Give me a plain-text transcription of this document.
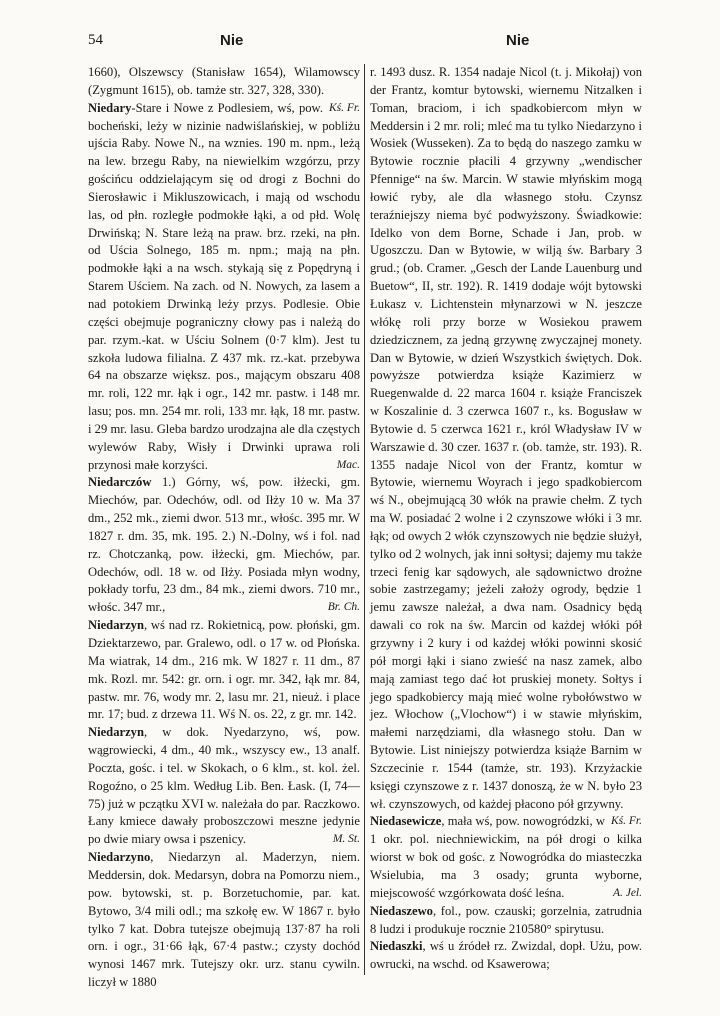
54	Nie	Nie

1660), Olszewscy (Stanisław 1654), Wilamowscy (Zygmunt 1615), ob. tamże str. 327, 328, 330).
Kś. Fr.

Niedary-Stare i Nowe z Podlesiem, wś, pow. bocheński, leży w nizinie nadwiślańskiej, w pobliżu ujścia Raby. Nowe N., na wznies. 190 m. npm., leżą na lew. brzegu Raby, na niewielkim wzgórzu, przy gościńcu oddzielającym się od drogi z Bochni do Sierosławic i Mikluszowicach, i mają od wschodu las, od płn. rozległe podmokłe łąki, a od płd. Wolę Drwińską; N. Stare leżą na praw. brz. rzeki, na płn. od Uścia Solnego, 185 m. npm.; mają na płn. podmokłe łąki a na wsch. stykają się z Popędryną i Starem Uściem. Na zach. od N. Nowych, za lasem a nad potokiem Drwinką leży przys. Podlesie. Obie części obejmuje pograniczny cłowy pas i należą do par. rzym.-kat. w Uściu Solnem (0·7 klm). Jest tu szkoła ludowa filialna. Z 437 mk. rz.-kat. przebywa 64 na obszarze większ. pos., mającym obszaru 408 mr. roli, 122 mr. łąk i ogr., 142 mr. pastw. i 148 mr. lasu; pos. mn. 254 mr. roli, 133 mr. łąk, 18 mr. pastw. i 29 mr. lasu. Gleba bardzo urodzajna ale dla częstych wylewów Raby, Wisły i Drwinki uprawa roli przynosi małe korzyści.	Mac.

Niedarczów 1.) Górny, wś, pow. iłżecki, gm. Miechów, par. Odechów, odl. od Iłży 10 w. Ma 37 dm., 252 mk., ziemi dwor. 513 mr., włośc. 395 mr. W 1827 r. dm. 35, mk. 195. 2.) N.-Dolny, wś i fol. nad rz. Chotczanką, pow. iłżecki, gm. Miechów, par. Odechów, odl. 18 w. od Iłży. Posiada młyn wodny, pokłady torfu, 23 dm., 84 mk., ziemi dwors. 710 mr., włośc. 347 mr.,	Br. Ch.

Niedarzyn, wś nad rz. Rokietnicą, pow. płoński, gm. Dziektarzewo, par. Gralewo, odl. o 17 w. od Płońska. Ma wiatrak, 14 dm., 216 mk. W 1827 r. 11 dm., 87 mk. Rozl. mr. 542: gr. orn. i ogr. mr. 342, łąk mr. 84, pastw. mr. 76, wody mr. 2, lasu mr. 21, nieuż. i place mr. 17; bud. z drzewa 11. Wś N. os. 22, z gr. mr. 142.

Niedarzyn, w dok. Nyedarzyno, wś, pow. wągrowiecki, 4 dm., 40 mk., wszyscy ew., 13 analf. Poczta, gośc. i tel. w Skokach, o 6 klm., st. kol. żel. Rogoźno, o 25 klm. Według Lib. Ben. Łask. (I, 74—75) już w pczątku XVI w. należała do par. Raczkowo. Łany kmiece dawały proboszczowi meszne jedynie po dwie miary owsa i pszenicy.	M. St.

Niedarzyno, Niedarzyn al. Maderzyn, niem. Meddersin, dok. Medarsyn, dobra na Pomorzu niem., pow. bytowski, st. p. Borzetuchomie, par. kat. Bytowo, 3/4 mili odl.; ma szkołę ew. W 1867 r. było tylko 7 kat. Dobra tutejsze obejmują 137·87 ha roli orn. i ogr., 31·66 łąk, 67·4 pastw.; czysty dochód wynosi 1467 mrk. Tutejszy okr. urz. stanu cywiln. liczył w 1880

r. 1493 dusz. R. 1354 nadaje Nicol (t. j. Mikołaj) von der Frantz, komtur bytowski, wiernemu Nitzalken i Toman, braciom, i ich spadkobiercom młyn w Meddersin i 2 mr. roli; mleć ma tu tylko Niedarzyno i Wosiek (Wusseken). Za to będą do naszego zamku w Bytowie rocznie płacili 4 grzywny „wendischer Pfennige“ na św. Marcin. W stawie młyńskim mogą łowić ryby, ale dla własnego stołu. Czynsz teraźniejszy niema być podwyższony. Świadkowie: Idelko von dem Borne, Schade i Jan, prob. w Ugoszczu. Dan w Bytowie, w wilją św. Barbary 3 grud.; (ob. Cramer. „Gesch der Lande Lauenburg und Buetow“, II, str. 192). R. 1419 dodaje wójt bytowski Łukasz v. Lichtenstein młynarzowi w N. jeszcze włókę roli przy borze w Wosiekou prawem dziedzicznem, za jedną grzywnę zwyczajnej monety. Dan w Bytowie, w dzień Wszystkich świętych. Dok. powyższe potwierdza książe Kazimierz w Ruegenwalde d. 22 marca 1604 r. książe Franciszek w Koszalinie d. 3 czerwca 1607 r., ks. Bogusław w Bytowie d. 5 czerwca 1621 r., król Władysław IV w Warszawie d. 30 czer. 1637 r. (ob. tamże, str. 193). R. 1355 nadaje Nicol von der Frantz, komtur w Bytowie, wiernemu Woyrach i jego spadkobiercom wś N., obejmującą 30 włók na prawie chełm. Z tych ma W. posiadać 2 wolne i 2 czynszowe włóki i 3 mr. łąk; od owych 2 włók czynszowych nie będzie służył, tylko od 2 wolnych, jak inni sołtysi; dajemy mu także trzeci fenig kar sądowych, ale sądownictwo drożne sobie zastrzegamy; jeżeli założy ogrody, będzie 1 jemu zawsze należał, a dwa nam. Osadnicy będą dawali co rok na św. Marcin od każdej włóki pół grzywny i 2 kury i od każdej włóki powinni skosić pół morgi łąki i siano zwieść na nasz zamek, albo mają zamiast tego dać łot pruskiej monety. Sołtys i jego spadkobiercy mają mieć wolne rybołówstwo w jez. Włochow („Vlochow“) i w stawie młyńskim, małemi narzędziami, dla własnego stołu. Dan w Bytowie. List niniejszy potwierdza książe Barnim w Szczecinie r. 1544 (tamże, str. 193). Krzyżackie księgi czynszowe z r. 1437 donoszą, że w N. było 23 wł. czynszowych, od każdej płacono pół grzywny.
Kś. Fr.

Niedasewicze, mała wś, pow. nowogródzki, w 1 okr. pol. niechniewickim, na pół drogi o kilka wiorst w bok od gośc. z Nowogródka do miasteczka Wsielubia, ma 3 osady; grunta wyborne, miejscowość wzgórkowata dość leśna.	A. Jel.

Niedaszewo, fol., pow. czauski; gorzelnia, zatrudnia 8 ludzi i produkuje rocznie 210580° spirytusu.

Niedaszki, wś u źródeł rz. Zwizdal, dopł. Użu, pow. owrucki, na wschd. od Ksawerowa;
